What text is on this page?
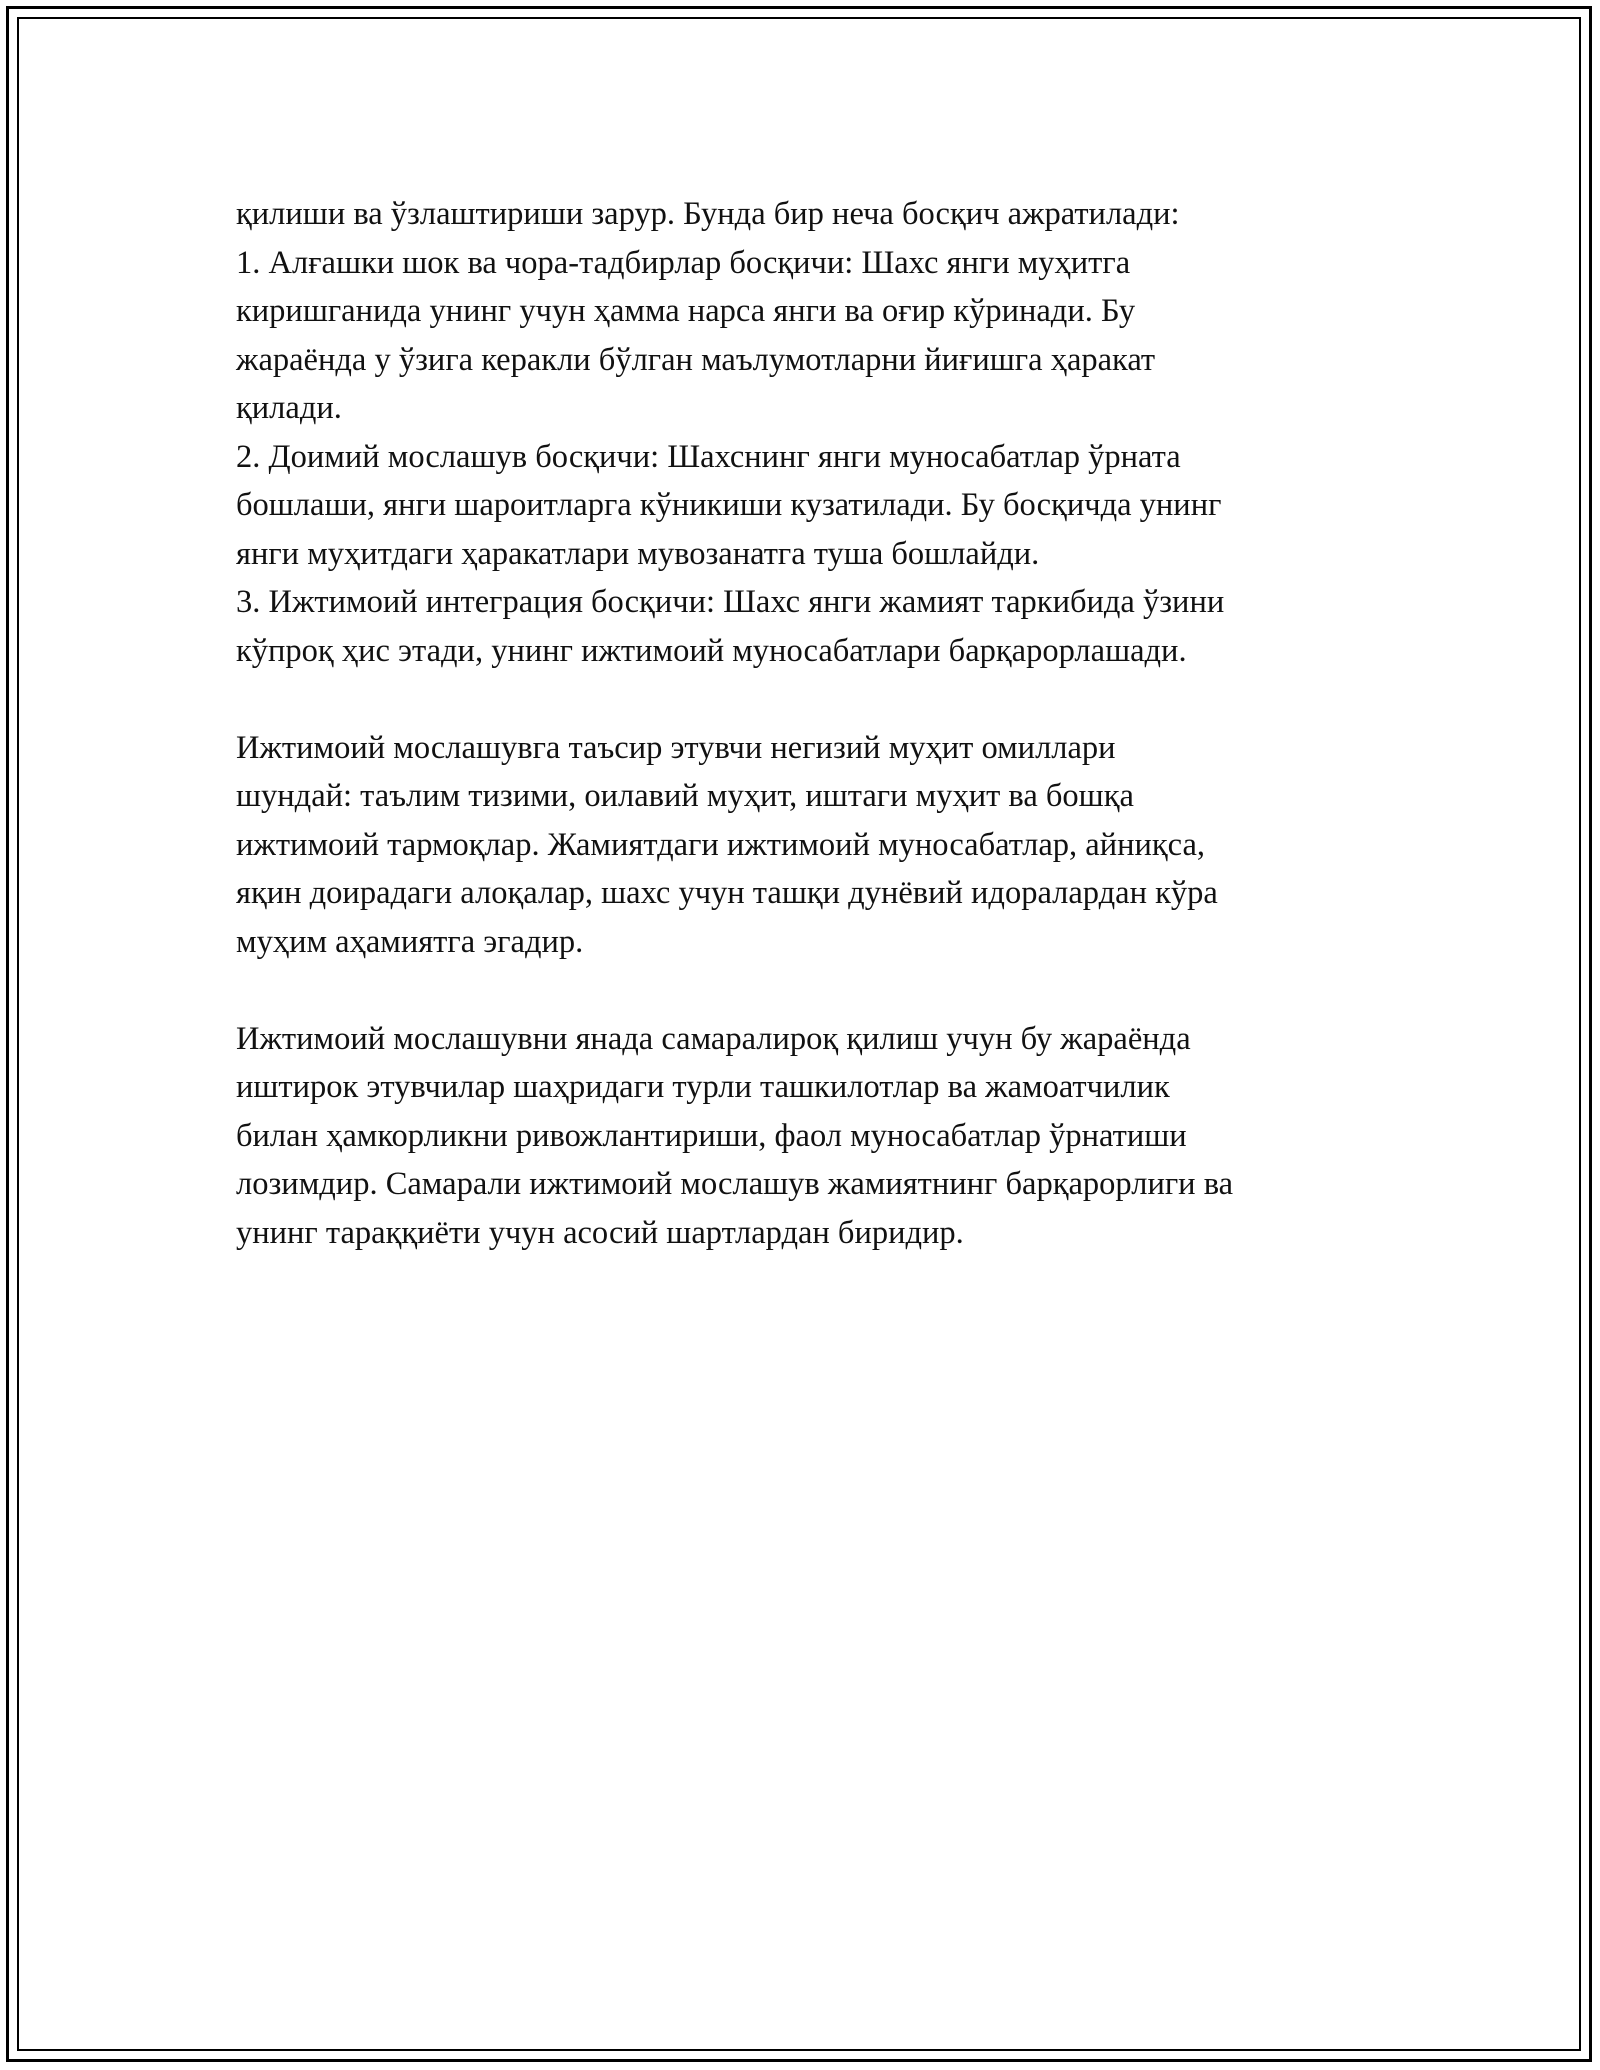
қилиши ва ўзлаштириши зарур. Бунда бир неча босқич ажратилади:
1. Алғашки шок ва чора-тадбирлар босқичи: Шахс янги муҳитга
киришганида унинг учун ҳамма нарса янги ва оғир кўринади. Бу
жараёнда у ўзига керакли бўлган маълумотларни йиғишга ҳаракат
қилади.
2. Доимий мослашув босқичи: Шахснинг янги муносабатлар ўрната
бошлаши, янги шароитларга кўникиши кузатилади. Бу босқичда унинг
янги муҳитдаги ҳаракатлари мувозанатга туша бошлайди.
3. Ижтимоий интеграция босқичи: Шахс янги жамият таркибида ўзини
кўпроқ ҳис этади, унинг ижтимоий муносабатлари барқарорлашади.
Ижтимоий мослашувга таъсир этувчи негизий муҳит омиллари
шундай: таълим тизими, оилавий муҳит, иштаги муҳит ва бошқа
ижтимоий тармоқлар. Жамиятдаги ижтимоий муносабатлар, айниқса,
яқин доирадаги алоқалар, шахс учун ташқи дунёвий идоралардан кўра
муҳим аҳамиятга эгадир.
Ижтимоий мослашувни янада самаралироқ қилиш учун бу жараёнда
иштирок этувчилар шаҳридаги турли ташкилотлар ва жамоатчилик
билан ҳамкорликни ривожлантириши, фаол муносабатлар ўрнатиши
лозимдир. Самарали ижтимоий мослашув жамиятнинг барқарорлиги ва
унинг тараққиёти учун асосий шартлардан биридир.
